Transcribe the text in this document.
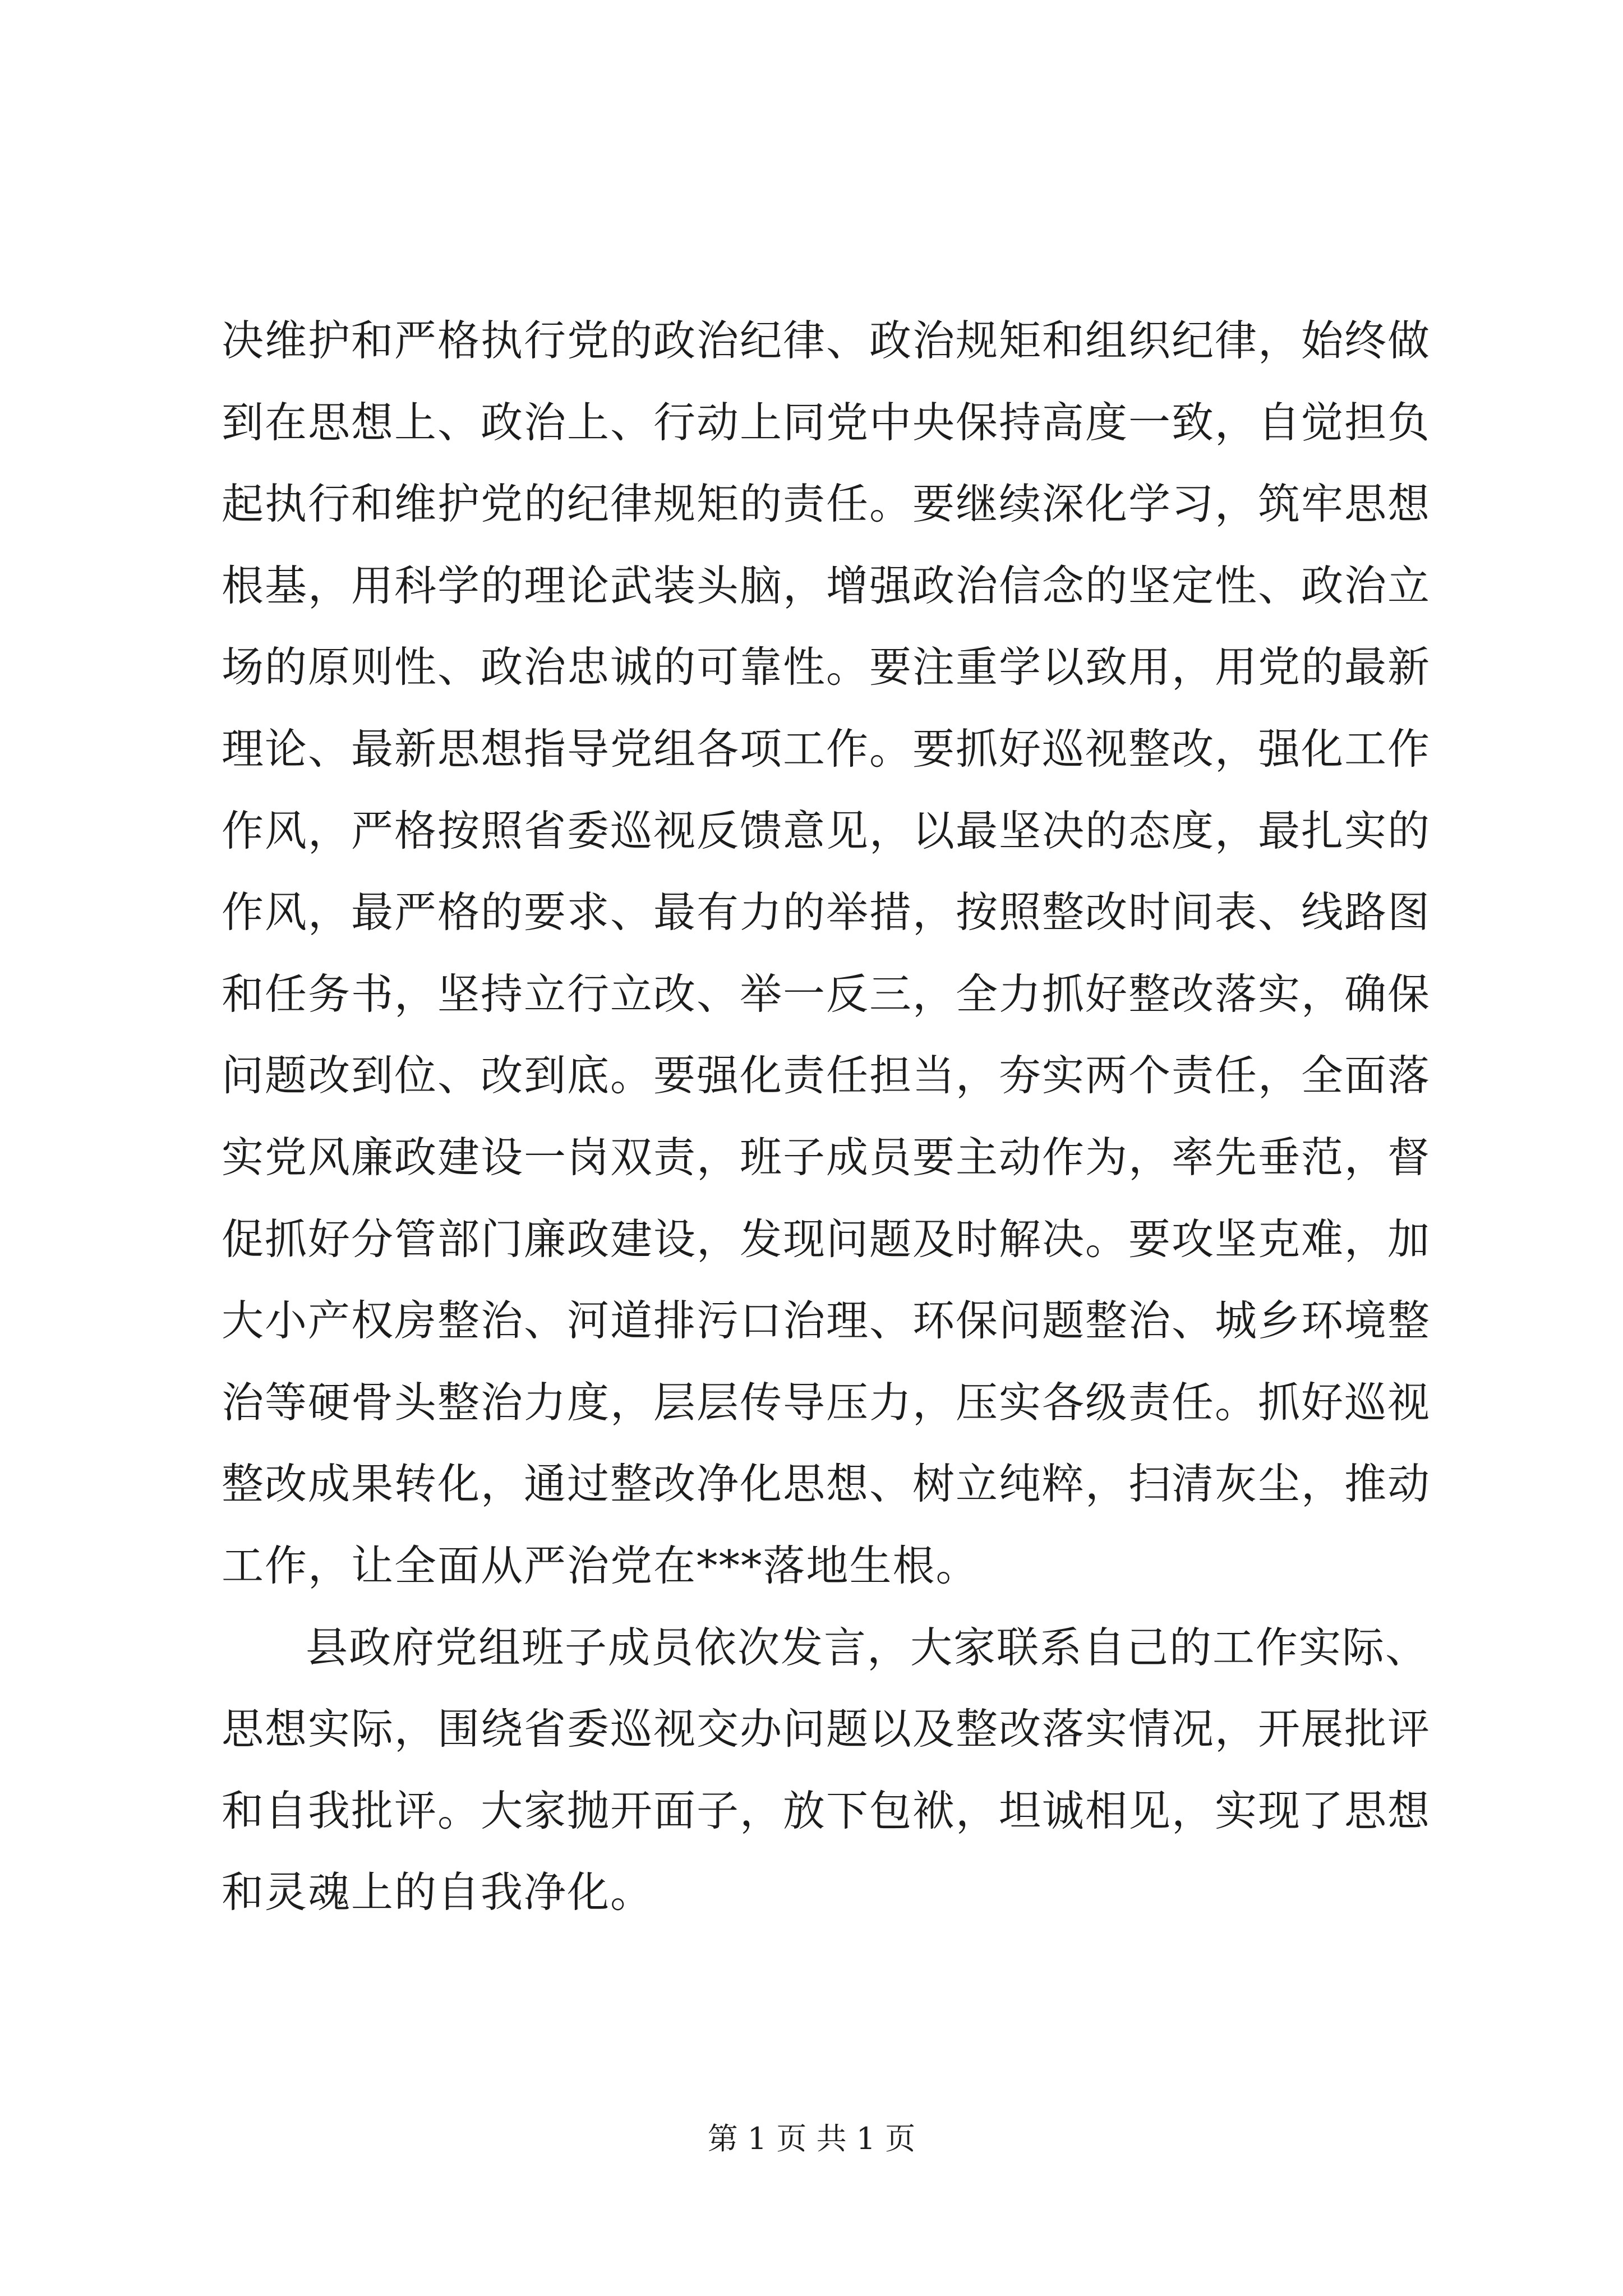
决维护和严格执行党的政治纪律、政治规矩和组织纪律，始终做
到在思想上、政治上、行动上同党中央保持高度一致，自觉担负
起执行和维护党的纪律规矩的责任。要继续深化学习，筑牢思想
根基，用科学的理论武装头脑，增强政治信念的坚定性、政治立
场的原则性、政治忠诚的可靠性。要注重学以致用，用党的最新
理论、最新思想指导党组各项工作。要抓好巡视整改，强化工作
作风，严格按照省委巡视反馈意见，以最坚决的态度，最扎实的
作风，最严格的要求、最有力的举措，按照整改时间表、线路图
和任务书，坚持立行立改、举一反三，全力抓好整改落实，确保
问题改到位、改到底。要强化责任担当，夯实两个责任，全面落
实党风廉政建设一岗双责，班子成员要主动作为，率先垂范，督
促抓好分管部门廉政建设，发现问题及时解决。要攻坚克难，加
大小产权房整治、河道排污口治理、环保问题整治、城乡环境整
治等硬骨头整治力度，层层传导压力，压实各级责任。抓好巡视
整改成果转化，通过整改净化思想、树立纯粹，扫清灰尘，推动
工作，让全面从严治党在***落地生根。
县政府党组班子成员依次发言，大家联系自己的工作实际、
思想实际，围绕省委巡视交办问题以及整改落实情况，开展批评
和自我批评。大家抛开面子，放下包袱，坦诚相见，实现了思想
和灵魂上的自我净化。
第 1 页 共 1 页
